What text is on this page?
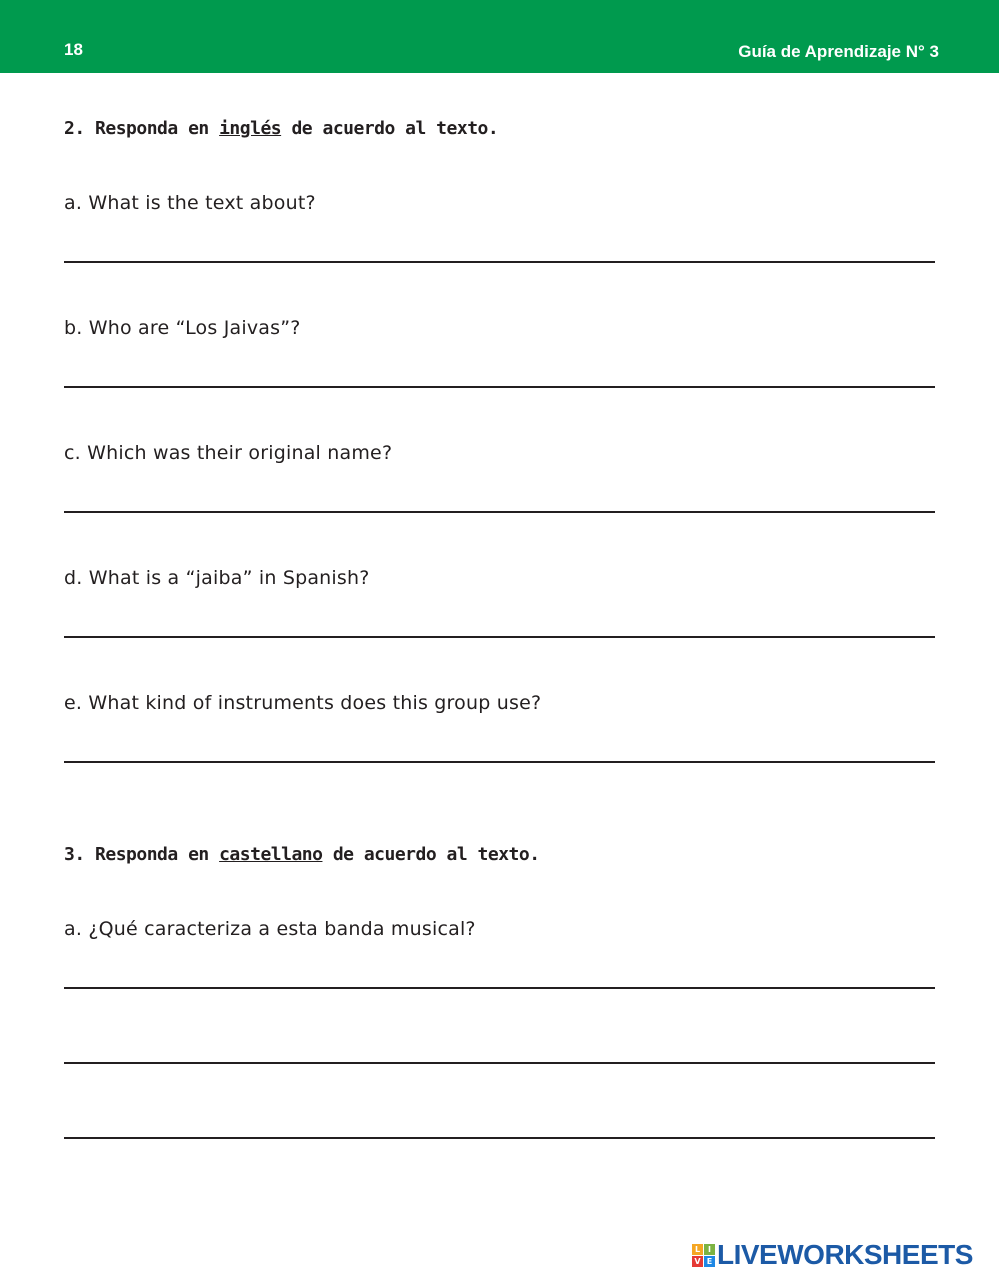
18	Guía de Aprendizaje N° 3
2. Responda en inglés de acuerdo al texto.
a. What is the text about?
b. Who are “Los Jaivas”?
c. Which was their original name?
d. What is a “jaiba” in Spanish?
e. What kind of instruments does this group use?
3. Responda en castellano de acuerdo al texto.
a. ¿Qué caracteriza a esta banda musical?
L I
V E LIVEWORKSHEETS
